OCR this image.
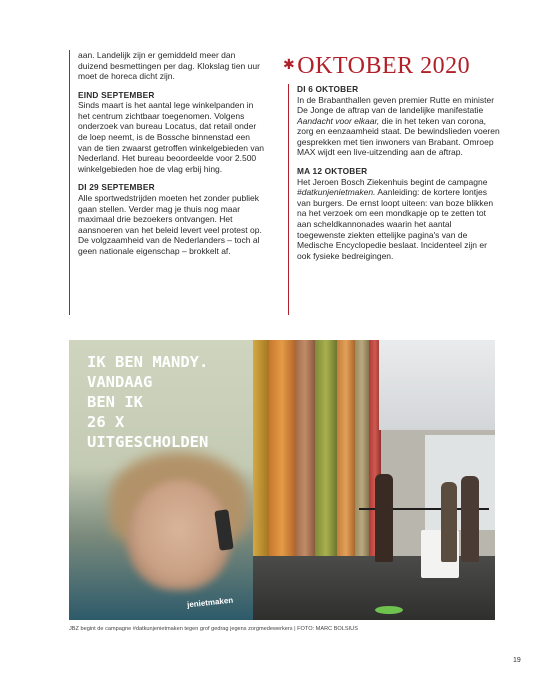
aan. Landelijk zijn er gemiddeld meer dan duizend besmettingen per dag. Klokslag tien uur moet de horeca dicht zijn.

EIND SEPTEMBER

Sinds maart is het aantal lege winkelpanden in het centrum zichtbaar toegenomen. Volgens onderzoek van bureau Locatus, dat retail onder de loep neemt, is de Bossche binnenstad een van de tien zwaarst getroffen winkelgebieden van Nederland. Het bureau beoordeelde voor 2.500 winkelgebieden hoe de vlag erbij hing.

DI 29 SEPTEMBER

Alle sportwedstrijden moeten het zonder publiek gaan stellen. Verder mag je thuis nog maar maximaal drie bezoekers ontvangen. Het aansnoeren van het beleid levert veel protest op. De volgzaamheid van de Nederlanders – toch al geen nationale eigenschap – brokkelt af.

✱OKTOBER 2020

DI 6 OKTOBER

In de Brabanthallen geven premier Rutte en minister De Jonge de aftrap van de landelijke manifestatie Aandacht voor elkaar, die in het teken van corona, zorg en eenzaamheid staat. De bewindslieden voeren gesprekken met tien inwoners van Brabant. Omroep MAX wijdt een live-uitzending aan de aftrap.

MA 12 OKTOBER

Het Jeroen Bosch Ziekenhuis begint de campagne #datkunjenietmaken. Aanleiding: de kortere lontjes van burgers. De ernst loopt uiteen: van boze blikken na het verzoek om een mondkapje op te zetten tot aan scheldkannonades waarin het aantal toegewenste ziekten ettelijke pagina's van de Medische Encyclopedie beslaat. Incidenteel zijn er ook fysieke bedreigingen.

IK BEN MANDY.
VANDAAG
BEN IK
26 X
UITGESCHOLDEN
jenietmaken
JBZ begint de campagne #datkunjenietmaken tegen grof gedrag jegens zorgmedewerkers | FOTO: MARC BOLSIUS
19
